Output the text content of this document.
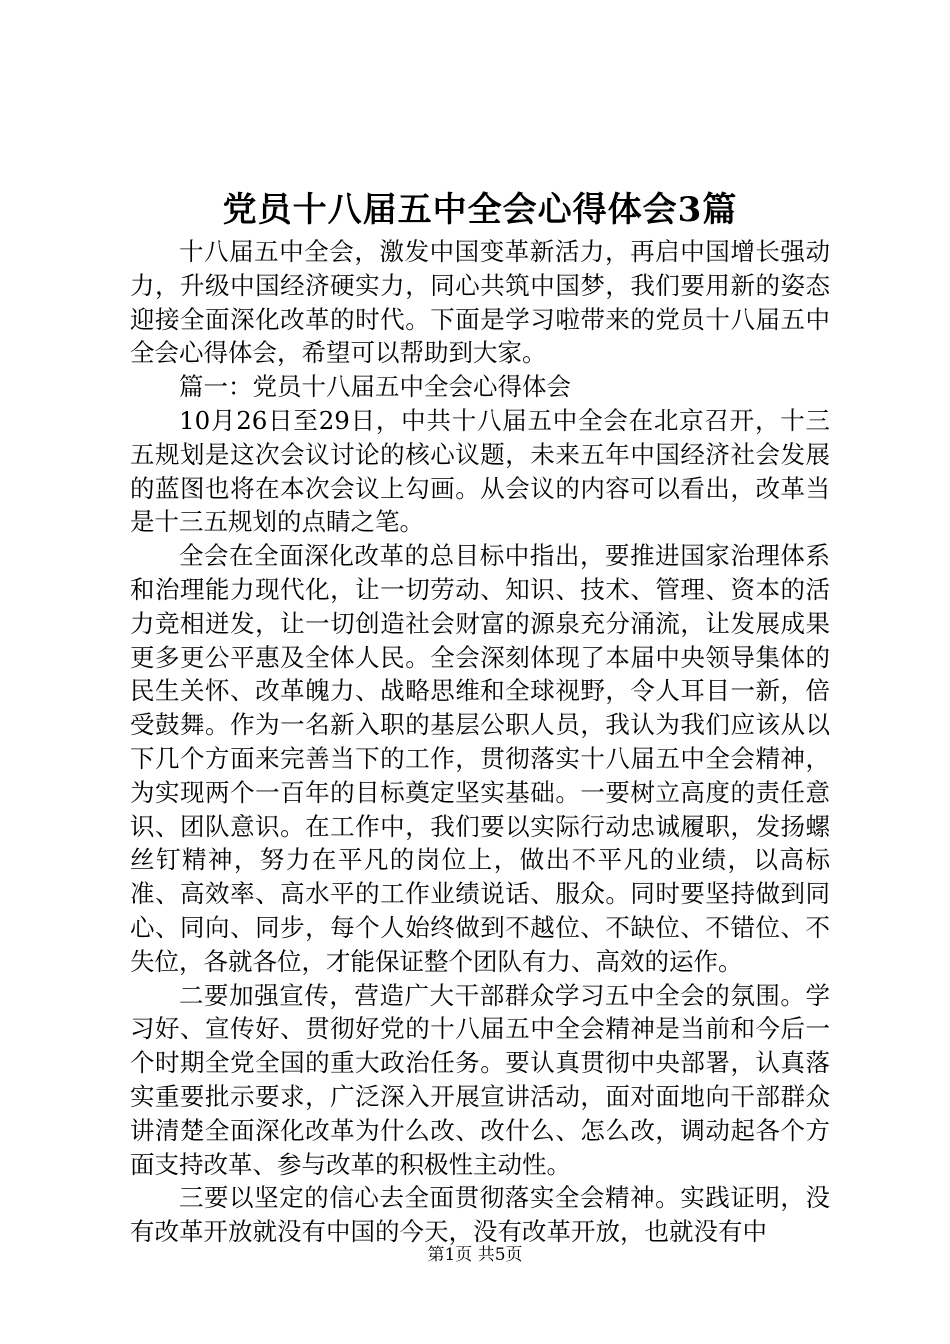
党员十八届五中全会心得体会3篇

十八届五中全会，激发中国变革新活力，再启中国增长强动力，升级中国经济硬实力，同心共筑中国梦，我们要用新的姿态迎接全面深化改革的时代。下面是学习啦带来的党员十八届五中全会心得体会，希望可以帮助到大家。

篇一：党员十八届五中全会心得体会

10月26日至29日，中共十八届五中全会在北京召开，十三五规划是这次会议讨论的核心议题，未来五年中国经济社会发展的蓝图也将在本次会议上勾画。从会议的内容可以看出，改革当是十三五规划的点睛之笔。

全会在全面深化改革的总目标中指出，要推进国家治理体系和治理能力现代化，让一切劳动、知识、技术、管理、资本的活力竞相迸发，让一切创造社会财富的源泉充分涌流，让发展成果更多更公平惠及全体人民。全会深刻体现了本届中央领导集体的民生关怀、改革魄力、战略思维和全球视野，令人耳目一新，倍受鼓舞。作为一名新入职的基层公职人员，我认为我们应该从以下几个方面来完善当下的工作，贯彻落实十八届五中全会精神，为实现两个一百年的目标奠定坚实基础。一要树立高度的责任意识、团队意识。在工作中，我们要以实际行动忠诚履职，发扬螺丝钉精神，努力在平凡的岗位上，做出不平凡的业绩，以高标准、高效率、高水平的工作业绩说话、服众。同时要坚持做到同心、同向、同步，每个人始终做到不越位、不缺位、不错位、不失位，各就各位，才能保证整个团队有力、高效的运作。

二要加强宣传，营造广大干部群众学习五中全会的氛围。学习好、宣传好、贯彻好党的十八届五中全会精神是当前和今后一个时期全党全国的重大政治任务。要认真贯彻中央部署，认真落实重要批示要求，广泛深入开展宣讲活动，面对面地向干部群众讲清楚全面深化改革为什么改、改什么、怎么改，调动起各个方面支持改革、参与改革的积极性主动性。

三要以坚定的信心去全面贯彻落实全会精神。实践证明，没有改革开放就没有中国的今天，没有改革开放，也就没有中

第1页 共5页
